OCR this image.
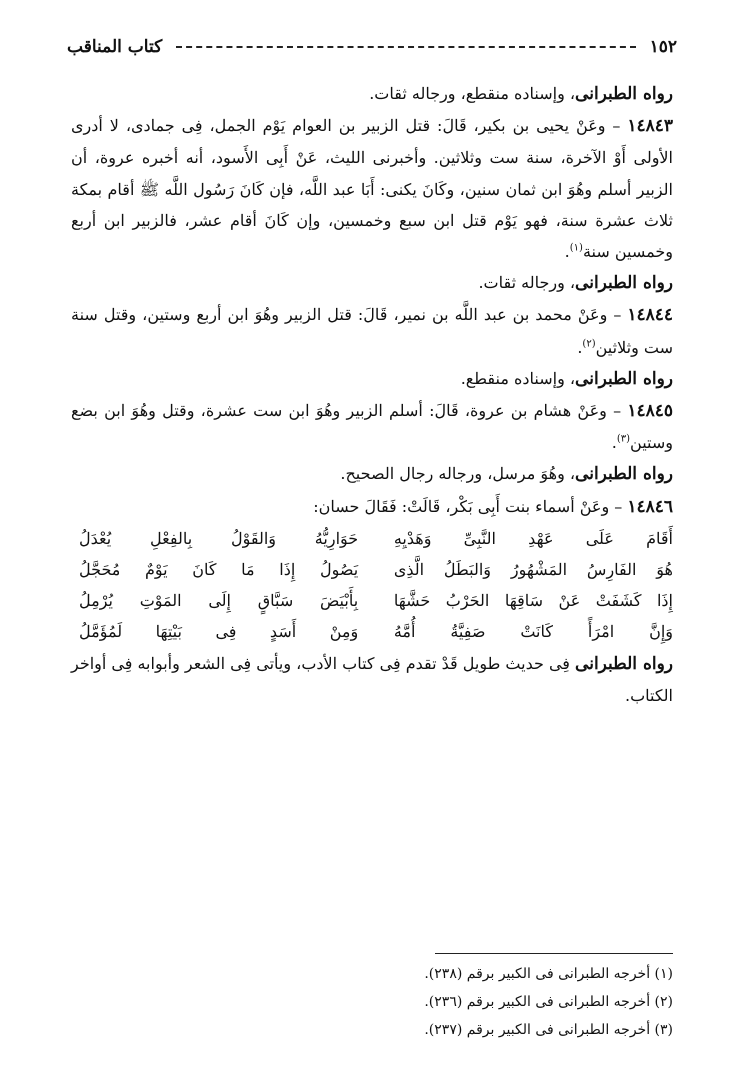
١٥٢
كتاب المناقب
رواه الطبرانى، وإسناده منقطع، ورجاله ثقات.

١٤٨٤٣ – وعَنْ يحيى بن بكير، قَالَ: قتل الزبير بن العوام يَوْم الجمل، فِى جمادى، لا أدرى الأولى أَوْ الآخرة، سنة ست وثلاثين. وأخبرنى الليث، عَنْ أَبِى الأَسود، أنه أخبره عروة، أن الزبير أسلم وهُوَ ابن ثمان سنين، وكَانَ يكنى: أَبَا عبد اللَّه، فإن كَانَ رَسُول اللَّه ﷺ أقام بمكة ثلاث عشرة سنة، فهو يَوْم قتل ابن سبع وخمسين، وإن كَانَ أقام عشر، فالزبير ابن أربع وخمسين سنة$^{(١)}$.

رواه الطبرانى، ورجاله ثقات.

١٤٨٤٤ – وعَنْ محمد بن عبد اللَّه بن نمير، قَالَ: قتل الزبير وهُوَ ابن أربع وستين، وقتل سنة ست وثلاثين$^{(٢)}$.

رواه الطبرانى، وإسناده منقطع.

١٤٨٤٥ – وعَنْ هشام بن عروة، قَالَ: أسلم الزبير وهُوَ ابن ست عشرة، وقتل وهُوَ ابن بضع وستين$^{(٣)}$.

رواه الطبرانى، وهُوَ مرسل، ورجاله رجال الصحيح.

١٤٨٤٦ – وعَنْ أسماء بنت أَبِى بَكْر، قَالَتْ: فَقَالَ حسان:

أَقَامَ عَلَى عَهْدِ النَّبِىِّ وَهَدْيِهِ
حَوَارِيُّهُ وَالقَوْلُ بِالفِعْلِ يُعْدَلُ
هُوَ الفَارِسُ المَشْهُورُ وَالبَطَلُ الَّذِى
يَصُولُ إِذَا مَا كَانَ يَوْمٌ مُحَجَّلُ
إِذَا كَشَفَتْ عَنْ سَاقِهَا الحَرْبُ حَشَّهَا
بِأَبْيَضَ سَبَّاقٍ إِلَى المَوْتِ يُرْمِلُ
وَإِنَّ امْرَأً كَانَتْ صَفِيَّةُ أُمَّهُ
وَمِنْ أَسَدٍ فِى بَيْتِهَا لَمُؤَمَّلُ

رواه الطبرانى فِى حديث طويل قَدْ تقدم فِى كتاب الأدب، ويأتى فِى الشعر وأبوابه فِى أواخر الكتاب.

(١) أخرجه الطبرانى فى الكبير برقم (٢٣٨).
(٢) أخرجه الطبرانى فى الكبير برقم (٢٣٦).
(٣) أخرجه الطبرانى فى الكبير برقم (٢٣٧).
